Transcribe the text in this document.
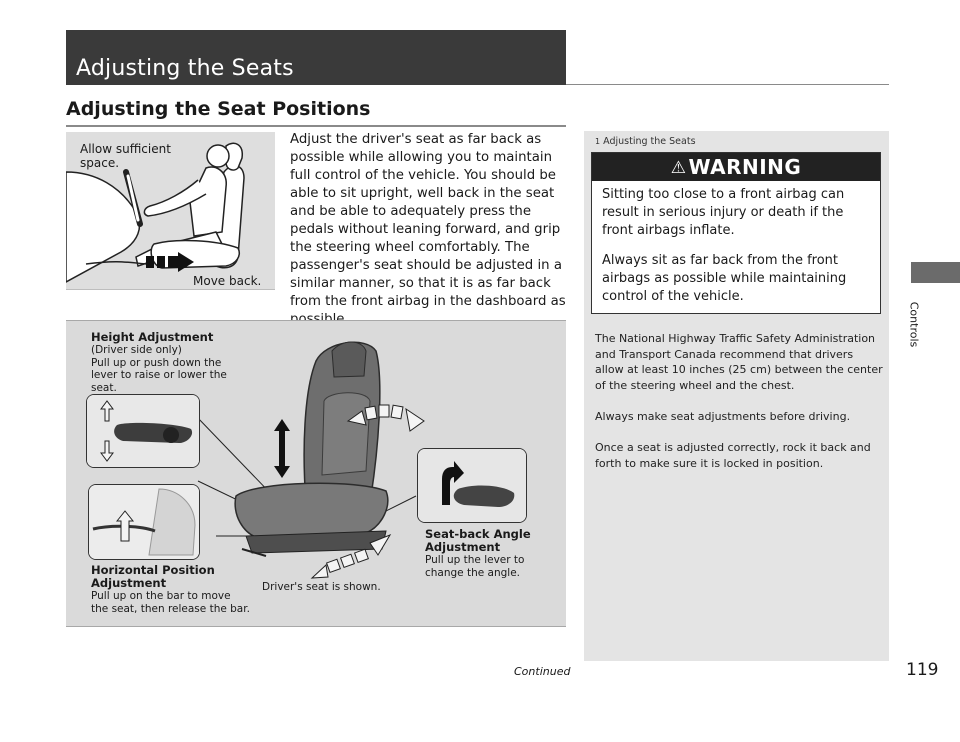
Adjusting the Seats
Adjusting the Seat Positions
Allow sufficient space.
Move back.
Adjust the driver's seat as far back as possible while allowing you to maintain full control of the vehicle. You should be able to sit upright, well back in the seat and be able to adequately press the pedals without leaning forward, and grip the steering wheel comfortably. The passenger's seat should be adjusted in a similar manner, so that it is as far back from the front airbag in the dashboard as
Height Adjustment
(Driver side only)
Pull up or push down the lever to raise or lower the seat.
Horizontal Position Adjustment
Pull up on the bar to move the seat, then release the bar.
Seat-back Angle Adjustment
Pull up the lever to change the angle.
Driver's seat is shown.
1 Adjusting the Seats
⚠ WARNING
Sitting too close to a front airbag can result in serious injury or death if the front airbags inflate.
Always sit as far back from the front airbags as possible while maintaining control of the vehicle.
The National Highway Traffic Safety Administration and Transport Canada recommend that drivers allow at least 10 inches (25 cm) between the center of the steering wheel and the chest.
Always make seat adjustments before driving.
Once a seat is adjusted correctly, rock it back and forth to make sure it is locked in position.
Controls
Continued	119
